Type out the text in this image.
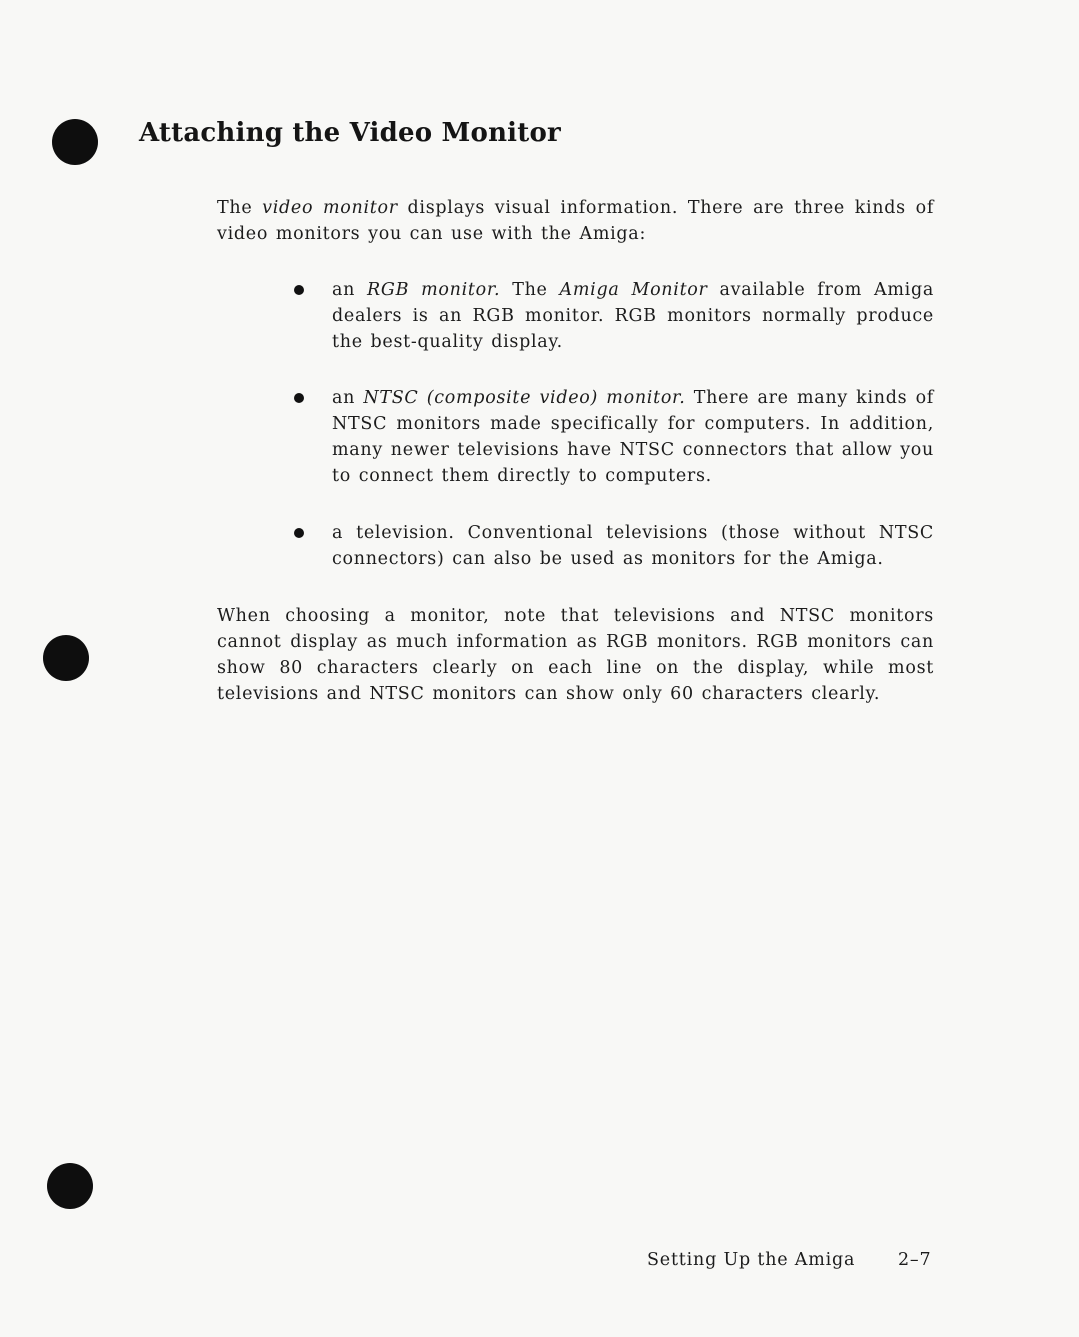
Attaching the Video Monitor

The video monitor displays visual information. There are three kinds of video monitors you can use with the Amiga:

an RGB monitor. The Amiga Monitor available from Amiga dealers is an RGB monitor. RGB monitors normally produce the best-quality display.

an NTSC (composite video) monitor. There are many kinds of NTSC monitors made specifically for computers. In addition, many newer televisions have NTSC connectors that allow you to connect them directly to computers.

a television. Conventional televisions (those without NTSC connectors) can also be used as monitors for the Amiga.

When choosing a monitor, note that televisions and NTSC monitors cannot display as much information as RGB monitors. RGB monitors can show 80 characters clearly on each line on the display, while most televisions and NTSC monitors can show only 60 characters clearly.

Setting Up the Amiga 2–7
